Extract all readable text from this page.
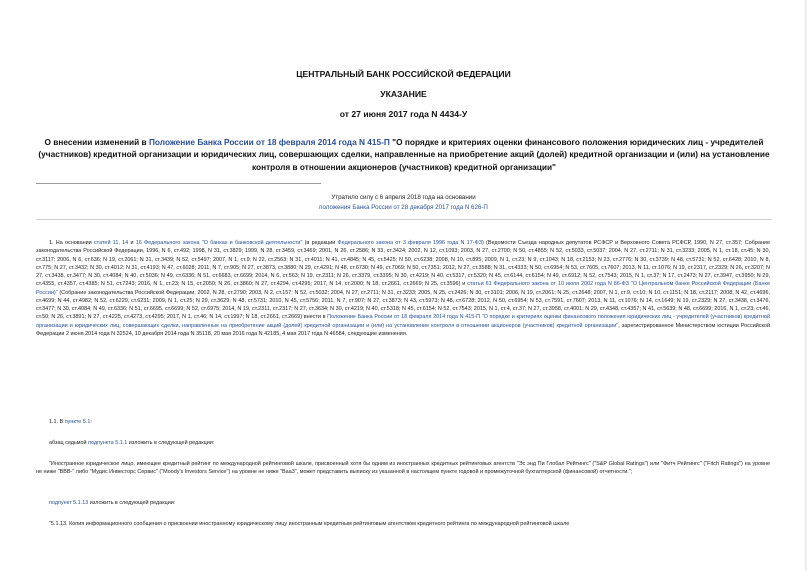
ЦЕНТРАЛЬНЫЙ БАНК РОССИЙСКОЙ ФЕДЕРАЦИИ
УКАЗАНИЕ
от 27 июня 2017 года N 4434-У
О внесении изменений в Положение Банка России от 18 февраля 2014 года N 415-П "О порядке и критериях оценки финансового положения юридических лиц - учредителей (участников) кредитной организации и юридических лиц, совершающих сделки, направленные на приобретение акций (долей) кредитной организации и (или) на установление контроля в отношении акционеров (участников) кредитной организации"
Утратило силу с 6 апреля 2018 года на основании
положения Банка России от 28 декабря 2017 года N 626-П

1. На основании статей 11, 14 и 16 Федерального закона "О банках и банковской деятельности" (в редакции Федерального закона от 3 февраля 1996 года N 17-ФЗ) (Ведомости Съезда народных депутатов РСФСР и Верховного Совета РСФСР, 1990, N 27, ст.357; Собрание законодательства Российской Федерации, 1996, N 6, ст.492; 1998, N 31, ст.3829; 1999, N 28, ст.3459, ст.3469; 2001, N 26, ст.2586; N 33, ст.3424; 2002, N 12, ст.1093; 2003, N 27, ст.2700; N 50, ст.4855; N 52, ст.5033, ст.5037; 2004, N 27, ст.2711; N 31, ст.3233; 2005, N 1, ст.18, ст.45; N 30, ст.3117; 2006, N 6, ст.636; N 19, ст.2061; N 31, ст.3439; N 52, ст.5497; 2007, N 1, ст.9; N 22, ст.2563; N 31, ст.4011; N 41, ст.4845; N 45, ст.5425; N 50, ст.6238; 2008, N 10, ст.895; 2009, N 1, ст.23; N 9, ст.1043; N 18, ст.2153; N 23, ст.2776; N 30, ст.3739; N 48, ст.5731; N 52, ст.6428; 2010, N 8, ст.775; N 27, ст.3432; N 30, ст.4012; N 31, ст.4193; N 47, ст.6028; 2011, N 7, ст.905; N 27, ст.3873, ст.3880; N 29, ст.4291; N 48, ст.6730; N 49, ст.7069; N 50, ст.7351; 2012, N 27, ст.3588; N 31, ст.4333; N 50, ст.6954; N 53, ст.7605, ст.7607; 2013, N 11, ст.1076; N 19, ст.2317, ст.2329; N 26, ст.3207; N 27, ст.3438, ст.3477; N 30, ст.4084; N 40, ст.5036; N 49, ст.6336; N 51, ст.6683, ст.6699; 2014, N 6, ст.563; N 19, ст.2311; N 26, ст.3379, ст.3395; N 30, ст.4219; N 40, ст.5317, ст.5320; N 45, ст.6144, ст.6154; N 49, ст.6912; N 52, ст.7543; 2015, N 1, ст.37; N 17, ст.2473; N 27, ст.3947, ст.3950; N 29, ст.4355, ст.4357, ст.4385; N 51, ст.7243; 2016, N 1, ст.23; N 15, ст.2050; N 26, ст.3860; N 27, ст.4294, ст.4295; 2017, N 14, ст.2000; N 18, ст.2661, ст.2669; N 25, ст.3596) и статьи 61 Федерального закона от 10 июля 2002 года N 86-ФЗ "О Центральном банке Российской Федерации (Банке России)" (Собрание законодательства Российской Федерации, 2002, N 28, ст.2790; 2003, N 2, ст.157; N 52, ст.5032; 2004, N 27, ст.2711; N 31, ст.3233; 2005, N 25, ст.2426; N 30, ст.3101; 2006, N 19, ст.2061; N 25, ст.2648; 2007, N 1, ст.9, ст.10; N 10, ст.1151; N 18, ст.2117; 2008, N 42, ст.4696, ст.4699; N 44, ст.4982; N 52, ст.6229, ст.6231; 2009, N 1, ст.25; N 29, ст.3629; N 48, ст.5731; 2010, N 45, ст.5756; 2011, N 7, ст.907; N 27, ст.3873; N 43, ст.5973; N 48, ст.6728; 2012, N 50, ст.6954; N 53, ст.7591, ст.7607; 2013, N 11, ст.1076; N 14, ст.1649; N 19, ст.2329; N 27, ст.3438, ст.3476, ст.3477; N 30, ст.4084; N 49, ст.6336; N 51, ст.6695, ст.6699; N 52, ст.6975; 2014, N 19, ст.2311, ст.2317; N 27, ст.3634; N 30, ст.4219; N 40, ст.5318; N 45, ст.6154; N 52, ст.7543; 2015, N 1, ст.4, ст.37; N 27, ст.3958, ст.4001; N 29, ст.4348, ст.4357; N 41, ст.5639; N 48, ст.6699; 2016, N 1, ст.23, ст.46, ст.50; N 26, ст.3891; N 27, ст.4225, ст.4273, ст.4295; 2017, N 1, ст.46; N 14, ст.1997; N 18, ст.2661, ст.2669) внести в Положение Банка России от 18 февраля 2014 года N 415-П "О порядке и критериях оценки финансового положения юридических лиц - учредителей (участников) кредитной организации и юридических лиц, совершающих сделки, направленные на приобретение акций (долей) кредитной организации и (или) на установление контроля в отношении акционеров (участников) кредитной организации", зарегистрированное Министерством юстиции Российской Федерации 2 июня 2014 года N 32524, 10 декабря 2014 года N 35118, 20 мая 2016 года N 42185, 4 мая 2017 года N 46584, следующие изменения.

1.1. В пункте 5.1:
абзац седьмой подпункта 5.1.1 изложить в следующей редакции:

"Иностранное юридическое лицо, имеющее кредитный рейтинг по международной рейтинговой шкале, присвоенный хотя бы одним из иностранных кредитных рейтинговых агентств "Эс энд Пи Глобал Рейтингс" ("S&P Global Ratings") или "Фитч Рейтингс" ("Fitch Ratings") на уровне не ниже "BBB-" либо "Мудис Инвесторс Сервис" ("Moody's Investors Service") на уровне не ниже "Baa3", может представить выписку из указанной в настоящем пункте годовой и промежуточной бухгалтерской (финансовой) отчетности.";

подпункт 5.1.13 изложить в следующей редакции:

"5.1.13. Копия информационного сообщения о присвоении иностранному юридическому лицу иностранным кредитным рейтинговым агентством кредитного рейтинга по международной рейтинговой шкале
